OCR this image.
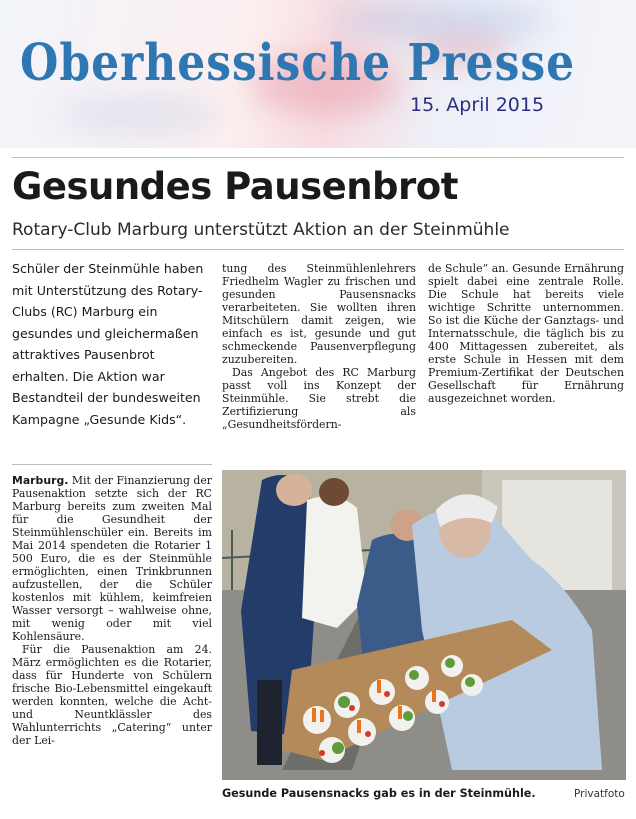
Oberhessische Presse
15. April 2015
Gesundes Pausenbrot
Rotary-Club Marburg unterstützt Aktion an der Steinmühle
Schüler der Steinmühle haben mit Unterstützung des Rotary-Clubs (RC) Marburg ein gesundes und gleichermaßen attraktives Pausenbrot erhalten. Die Aktion war Bestandteil der bundesweiten Kampagne „Gesunde Kids“.

Marburg. Mit der Finanzierung der Pausenaktion setzte sich der RC Marburg bereits zum zweiten Mal für die Gesundheit der Steinmühlenschüler ein. Bereits im Mai 2014 spendeten die Rotarier 1 500 Euro, die es der Steinmühle ermöglichten, einen Trinkbrunnen aufzustellen, der die Schüler kostenlos mit kühlem, keimfreien Wasser versorgt – wahlweise ohne, mit wenig oder mit viel Kohlensäure.

Für die Pausenaktion am 24. März ermöglichten es die Rotarier, dass für Hunderte von Schülern frische Bio-Lebensmittel eingekauft werden konnten, welche die Acht- und Neuntklässler des Wahlunterrichts „Catering“ unter der Lei-

tung des Steinmühlenlehrers Friedhelm Wagler zu frischen und gesunden Pausensnacks verarbeiteten. Sie wollten ihren Mitschülern damit zeigen, wie einfach es ist, gesunde und gut schmeckende Pausenverpflegung zuzubereiten.

Das Angebot des RC Marburg passt voll ins Konzept der Steinmühle. Sie strebt die Zertifizierung als „Gesundheitsfördern-

de Schule“ an. Gesunde Ernährung spielt dabei eine zentrale Rolle. Die Schule hat bereits viele wichtige Schritte unternommen. So ist die Küche der Ganztags- und Internatsschule, die täglich bis zu 400 Mittagessen zubereitet, als erste Schule in Hessen mit dem Premium-Zertifikat der Deutschen Gesellschaft für Ernährung ausgezeichnet worden.

Gesunde Pausensnacks gab es in der Steinmühle.	Privatfoto
